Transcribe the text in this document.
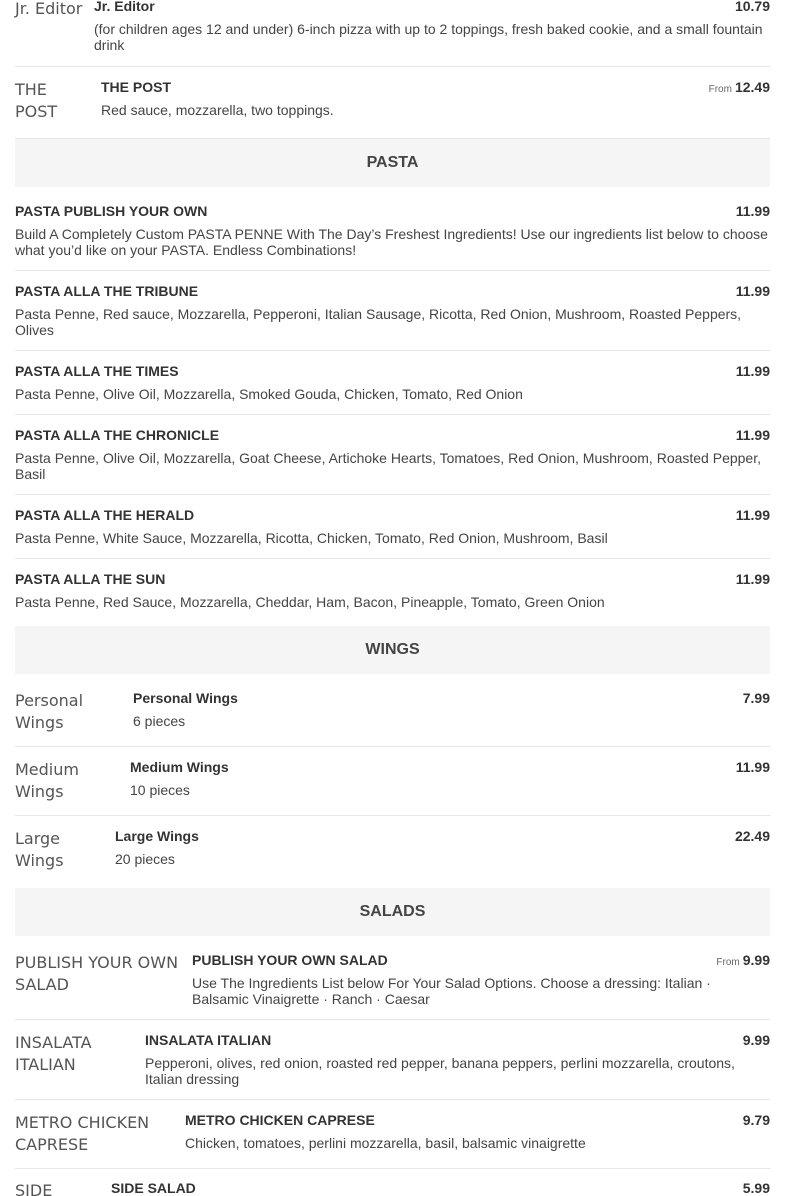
Jr. Editor Jr. Editor	10.79
(for children ages 12 and under) 6-inch pizza with up to 2 toppings, fresh baked cookie, and a small fountain drink
THE POST
THE POST	From 12.49
Red sauce, mozzarella, two toppings.
PASTA
PASTA PUBLISH YOUR OWN	11.99
Build A Completely Custom PASTA PENNE With The Day’s Freshest Ingredients! Use our ingredients list below to choose what you’d like on your PASTA. Endless Combinations!
PASTA ALLA THE TRIBUNE	11.99
Pasta Penne, Red sauce, Mozzarella, Pepperoni, Italian Sausage, Ricotta, Red Onion, Mushroom, Roasted Peppers, Olives
PASTA ALLA THE TIMES	11.99
Pasta Penne, Olive Oil, Mozzarella, Smoked Gouda, Chicken, Tomato, Red Onion
PASTA ALLA THE CHRONICLE	11.99
Pasta Penne, Olive Oil, Mozzarella, Goat Cheese, Artichoke Hearts, Tomatoes, Red Onion, Mushroom, Roasted Pepper, Basil
PASTA ALLA THE HERALD	11.99
Pasta Penne, White Sauce, Mozzarella, Ricotta, Chicken, Tomato, Red Onion, Mushroom, Basil
PASTA ALLA THE SUN	11.99
Pasta Penne, Red Sauce, Mozzarella, Cheddar, Ham, Bacon, Pineapple, Tomato, Green Onion
WINGS
Personal Wings
Personal Wings	7.99
6 pieces
Medium Wings
Medium Wings	11.99
10 pieces
Large Wings
Large Wings	22.49
20 pieces
SALADS
PUBLISH YOUR OWN SALAD
PUBLISH YOUR OWN SALAD	From 9.99
Use The Ingredients List below For Your Salad Options. Choose a dressing: Italian · Balsamic Vinaigrette · Ranch · Caesar
INSALATA ITALIAN
INSALATA ITALIAN	9.99
Pepperoni, olives, red onion, roasted red pepper, banana peppers, perlini mozzarella, croutons, Italian dressing
METRO CHICKEN CAPRESE
METRO CHICKEN CAPRESE	9.79
Chicken, tomatoes, perlini mozzarella, basil, balsamic vinaigrette
SIDE	SIDE SALAD	5.99
